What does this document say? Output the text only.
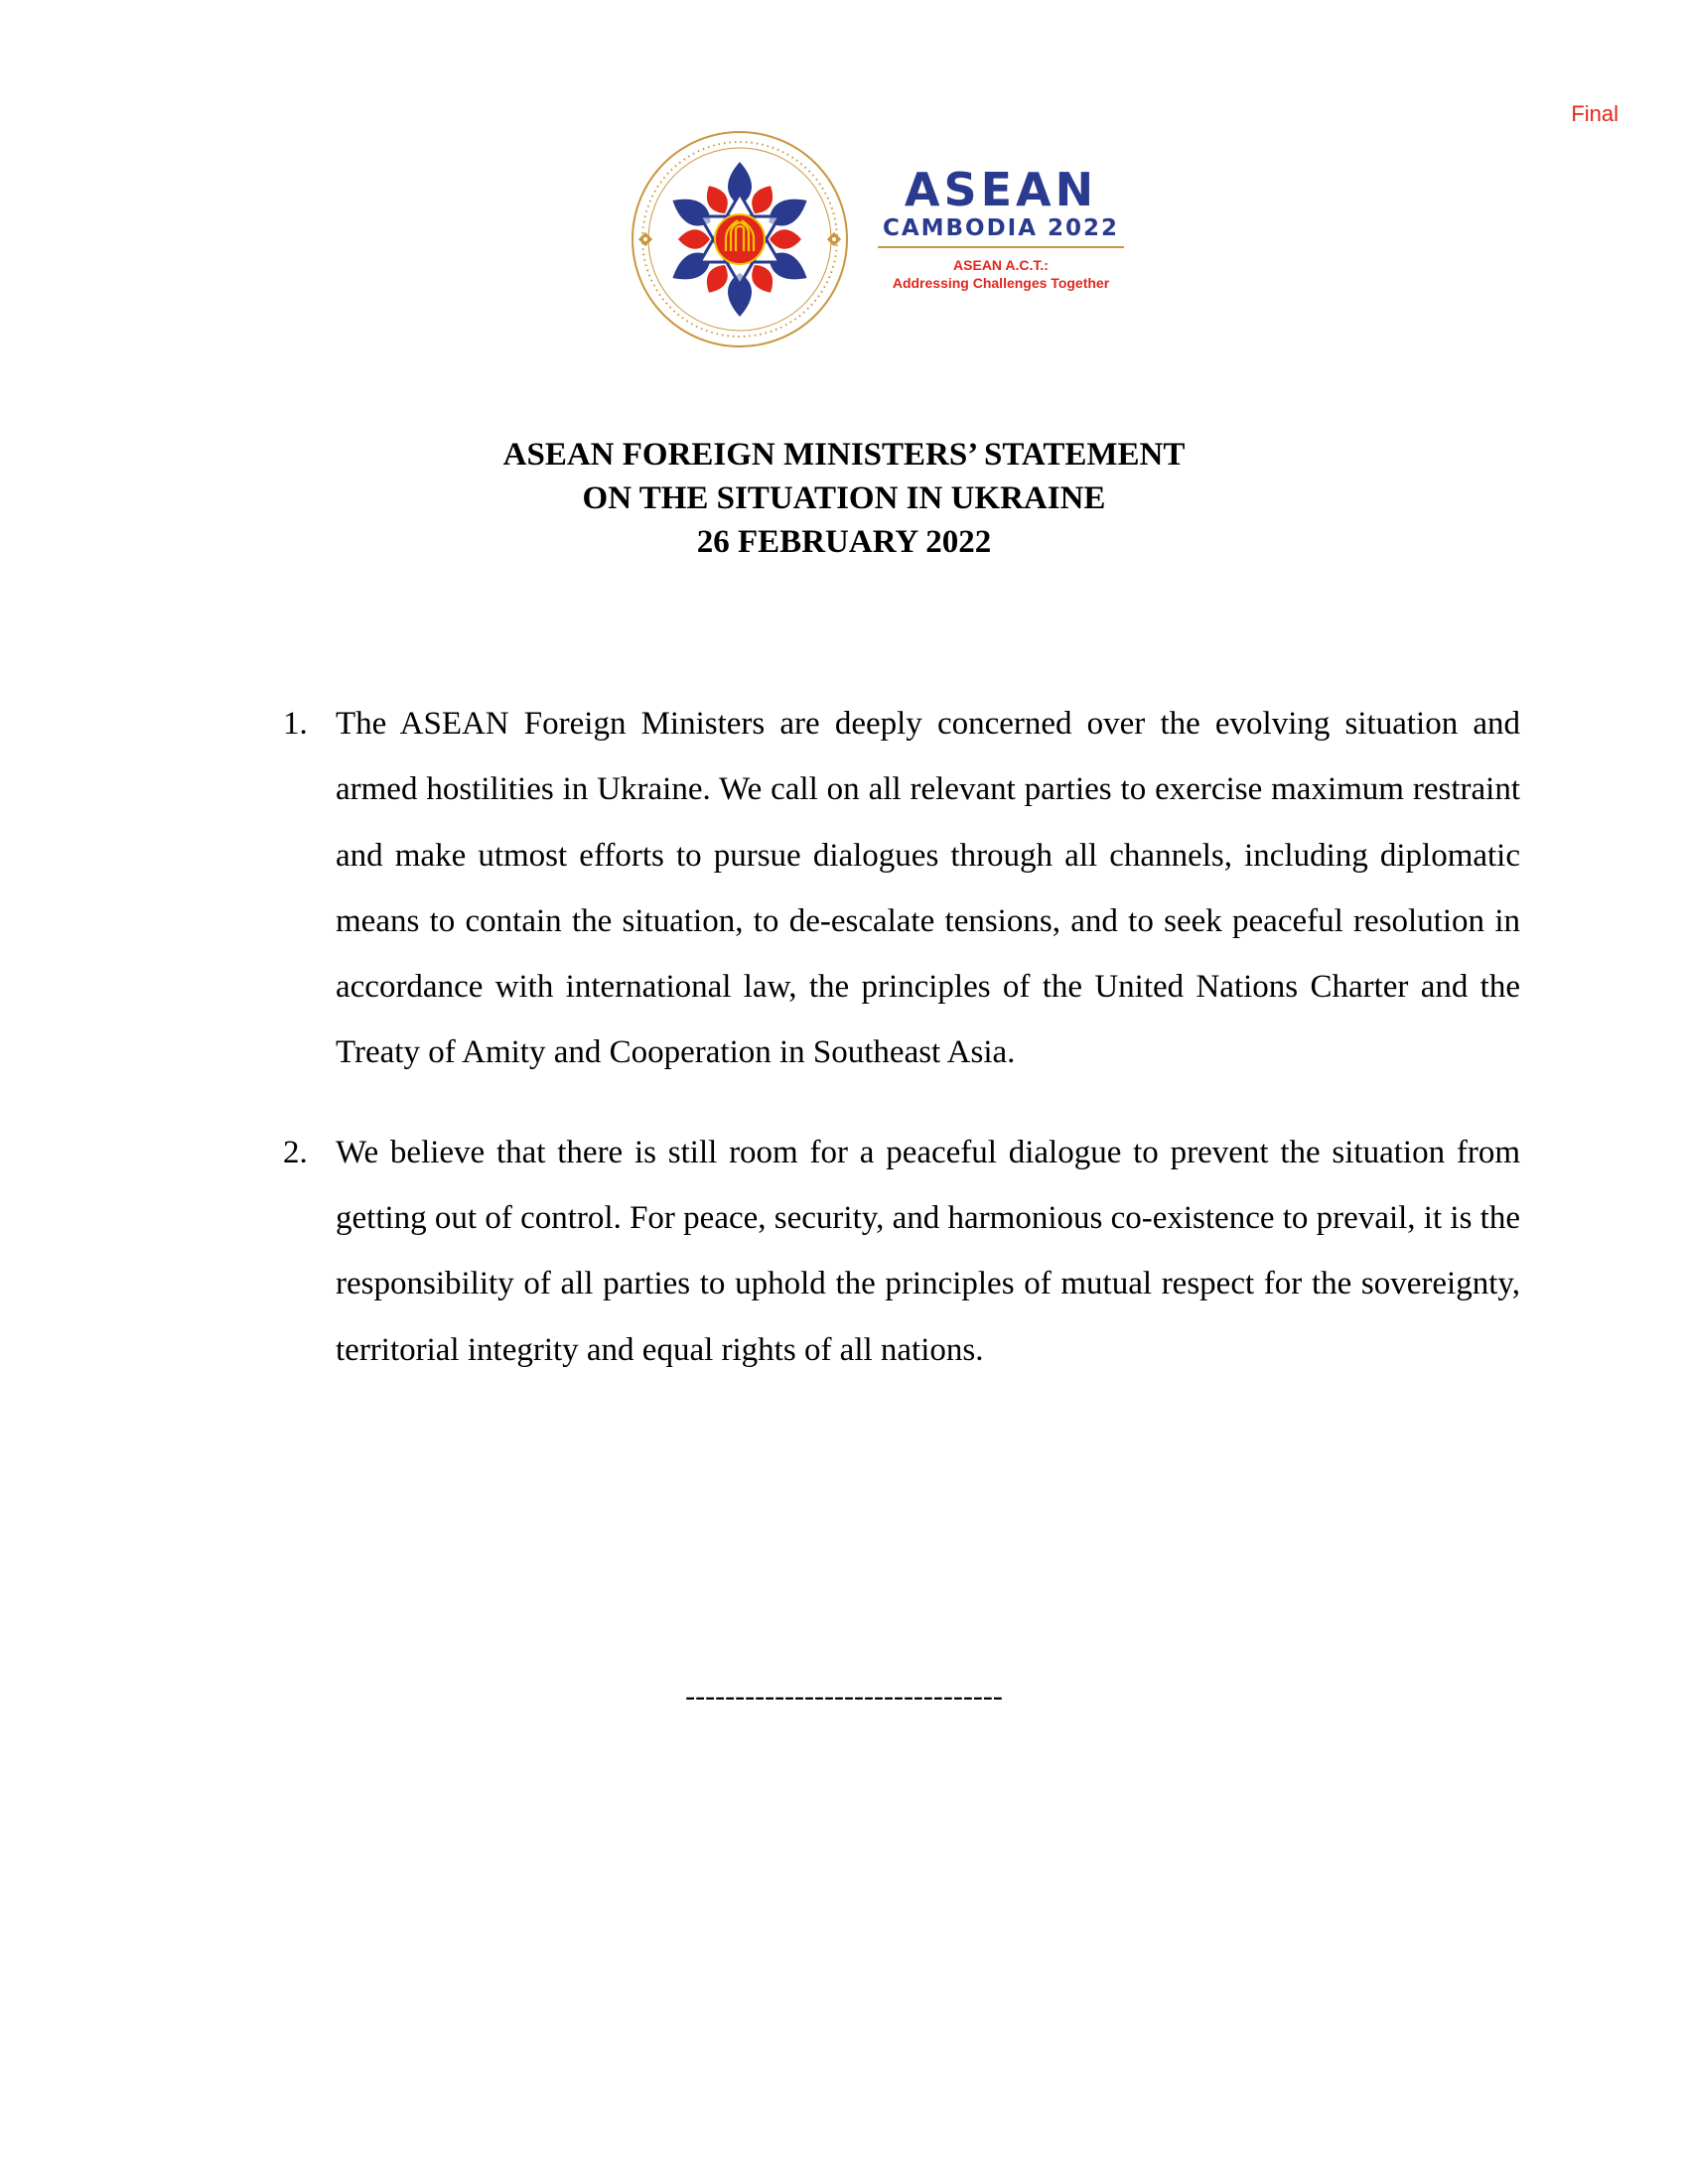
Final
ASEAN
CAMBODIA 2022
ASEAN A.C.T.:
Addressing Challenges Together
ASEAN FOREIGN MINISTERS’ STATEMENT
ON THE SITUATION IN UKRAINE
26 FEBRUARY 2022
1. The ASEAN Foreign Ministers are deeply concerned over the evolving situation and armed hostilities in Ukraine. We call on all relevant parties to exercise maximum restraint and make utmost efforts to pursue dialogues through all channels, including diplomatic means to contain the situation, to de-escalate tensions, and to seek peaceful resolution in accordance with international law, the principles of the United Nations Charter and the Treaty of Amity and Cooperation in Southeast Asia.
2. We believe that there is still room for a peaceful dialogue to prevent the situation from getting out of control. For peace, security, and harmonious co-existence to prevail, it is the responsibility of all parties to uphold the principles of mutual respect for the sovereignty, territorial integrity and equal rights of all nations.
--------------------------------
